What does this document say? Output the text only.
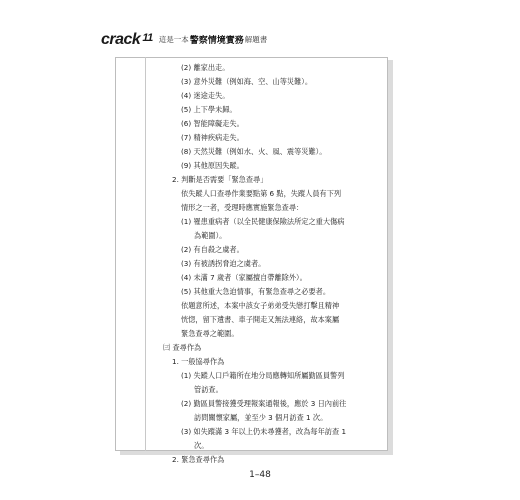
crack 11 這是一本 警察情境實務 解題書
(2) 離家出走。
(3) 意外災難（例如海、空、山等災難）。
(4) 迷途走失。
(5) 上下學未歸。
(6) 智能障礙走失。
(7) 精神疾病走失。
(8) 天然災難（例如水、火、風、震等災難）。
(9) 其他原因失蹤。
2. 判斷是否需要「緊急查尋」
依失蹤人口查尋作業要點第 6 點，失蹤人員有下列
情形之一者，受理時應實施緊急查尋：
(1) 罹患重病者（以全民健康保險法所定之重大傷病
為範圍）。
(2) 有自殺之虞者。
(3) 有被誘拐脅迫之虞者。
(4) 未滿 7 歲者（家屬擅自帶離除外）。
(5) 其他重大急迫情事，有緊急查尋之必要者。
依題意所述，本案中該女子弟弟受失戀打擊且精神
恍惚，留下遺書、車子開走又無法連絡，故本案屬
緊急查尋之範圍。
㈢ 查尋作為
1. 一般協尋作為
(1) 失蹤人口戶籍所在地分局應轉知所屬勤區員警列
管訪查。
(2) 勤區員警接獲受理報案通報後，應於 3 日內前往
訪問關懷家屬，並至少 3 個月訪查 1 次。
(3) 如失蹤滿 3 年以上仍未尋獲者，改為每年訪查 1
次。
2. 緊急查尋作為
1–48
